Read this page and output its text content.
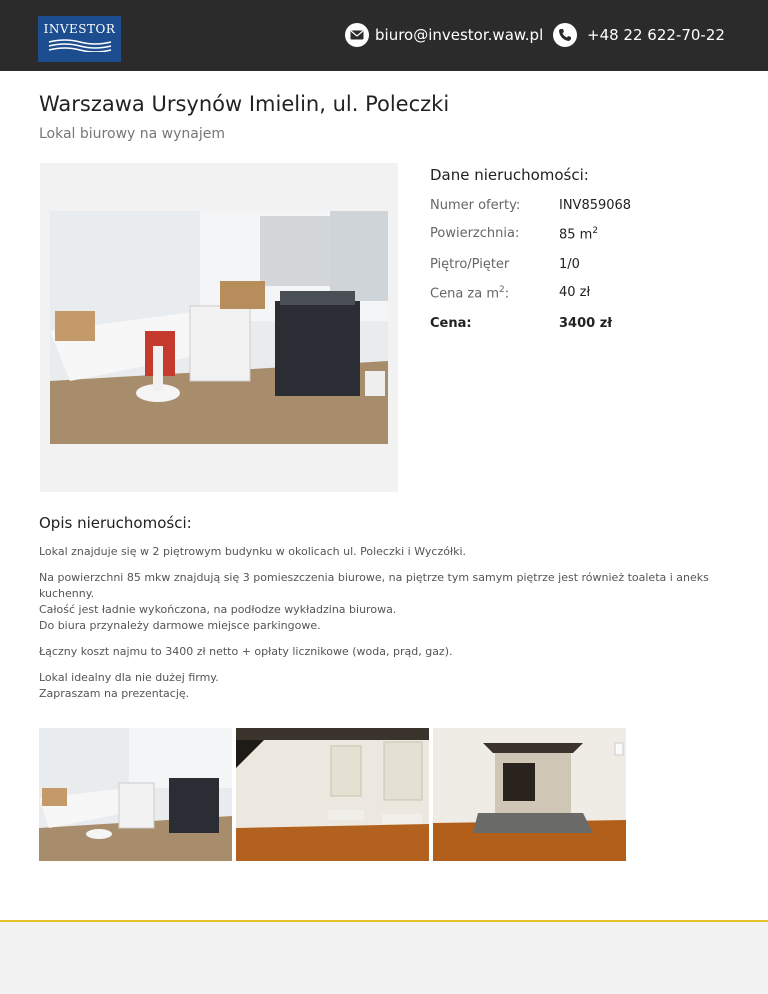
INVESTOR	biuro@investor.waw.pl	+48 22 622-70-22
Warszawa Ursynów Imielin, ul. Poleczki
Lokal biurowy na wynajem
Dane nieruchomości:
Numer oferty:	INV859068
Powierzchnia:	85 $m^2$
Piętro/Pięter	1/0
Cena za $m^2$:	40 zł
Cena:	3400 zł
Opis nieruchomości:

Lokal znajduje się w 2 piętrowym budynku w okolicach ul. Poleczki i Wyczółki.

Na powierzchni 85 mkw znajdują się 3 pomieszczenia biurowe, na piętrze tym samym piętrze jest również toaleta i aneks kuchenny.
Całość jest ładnie wykończona, na podłodze wykładzina biurowa.
Do biura przynależy darmowe miejsce parkingowe.

Łączny koszt najmu to 3400 zł netto + opłaty licznikowe (woda, prąd, gaz).

Lokal idealny dla nie dużej firmy.
Zapraszam na prezentację.
